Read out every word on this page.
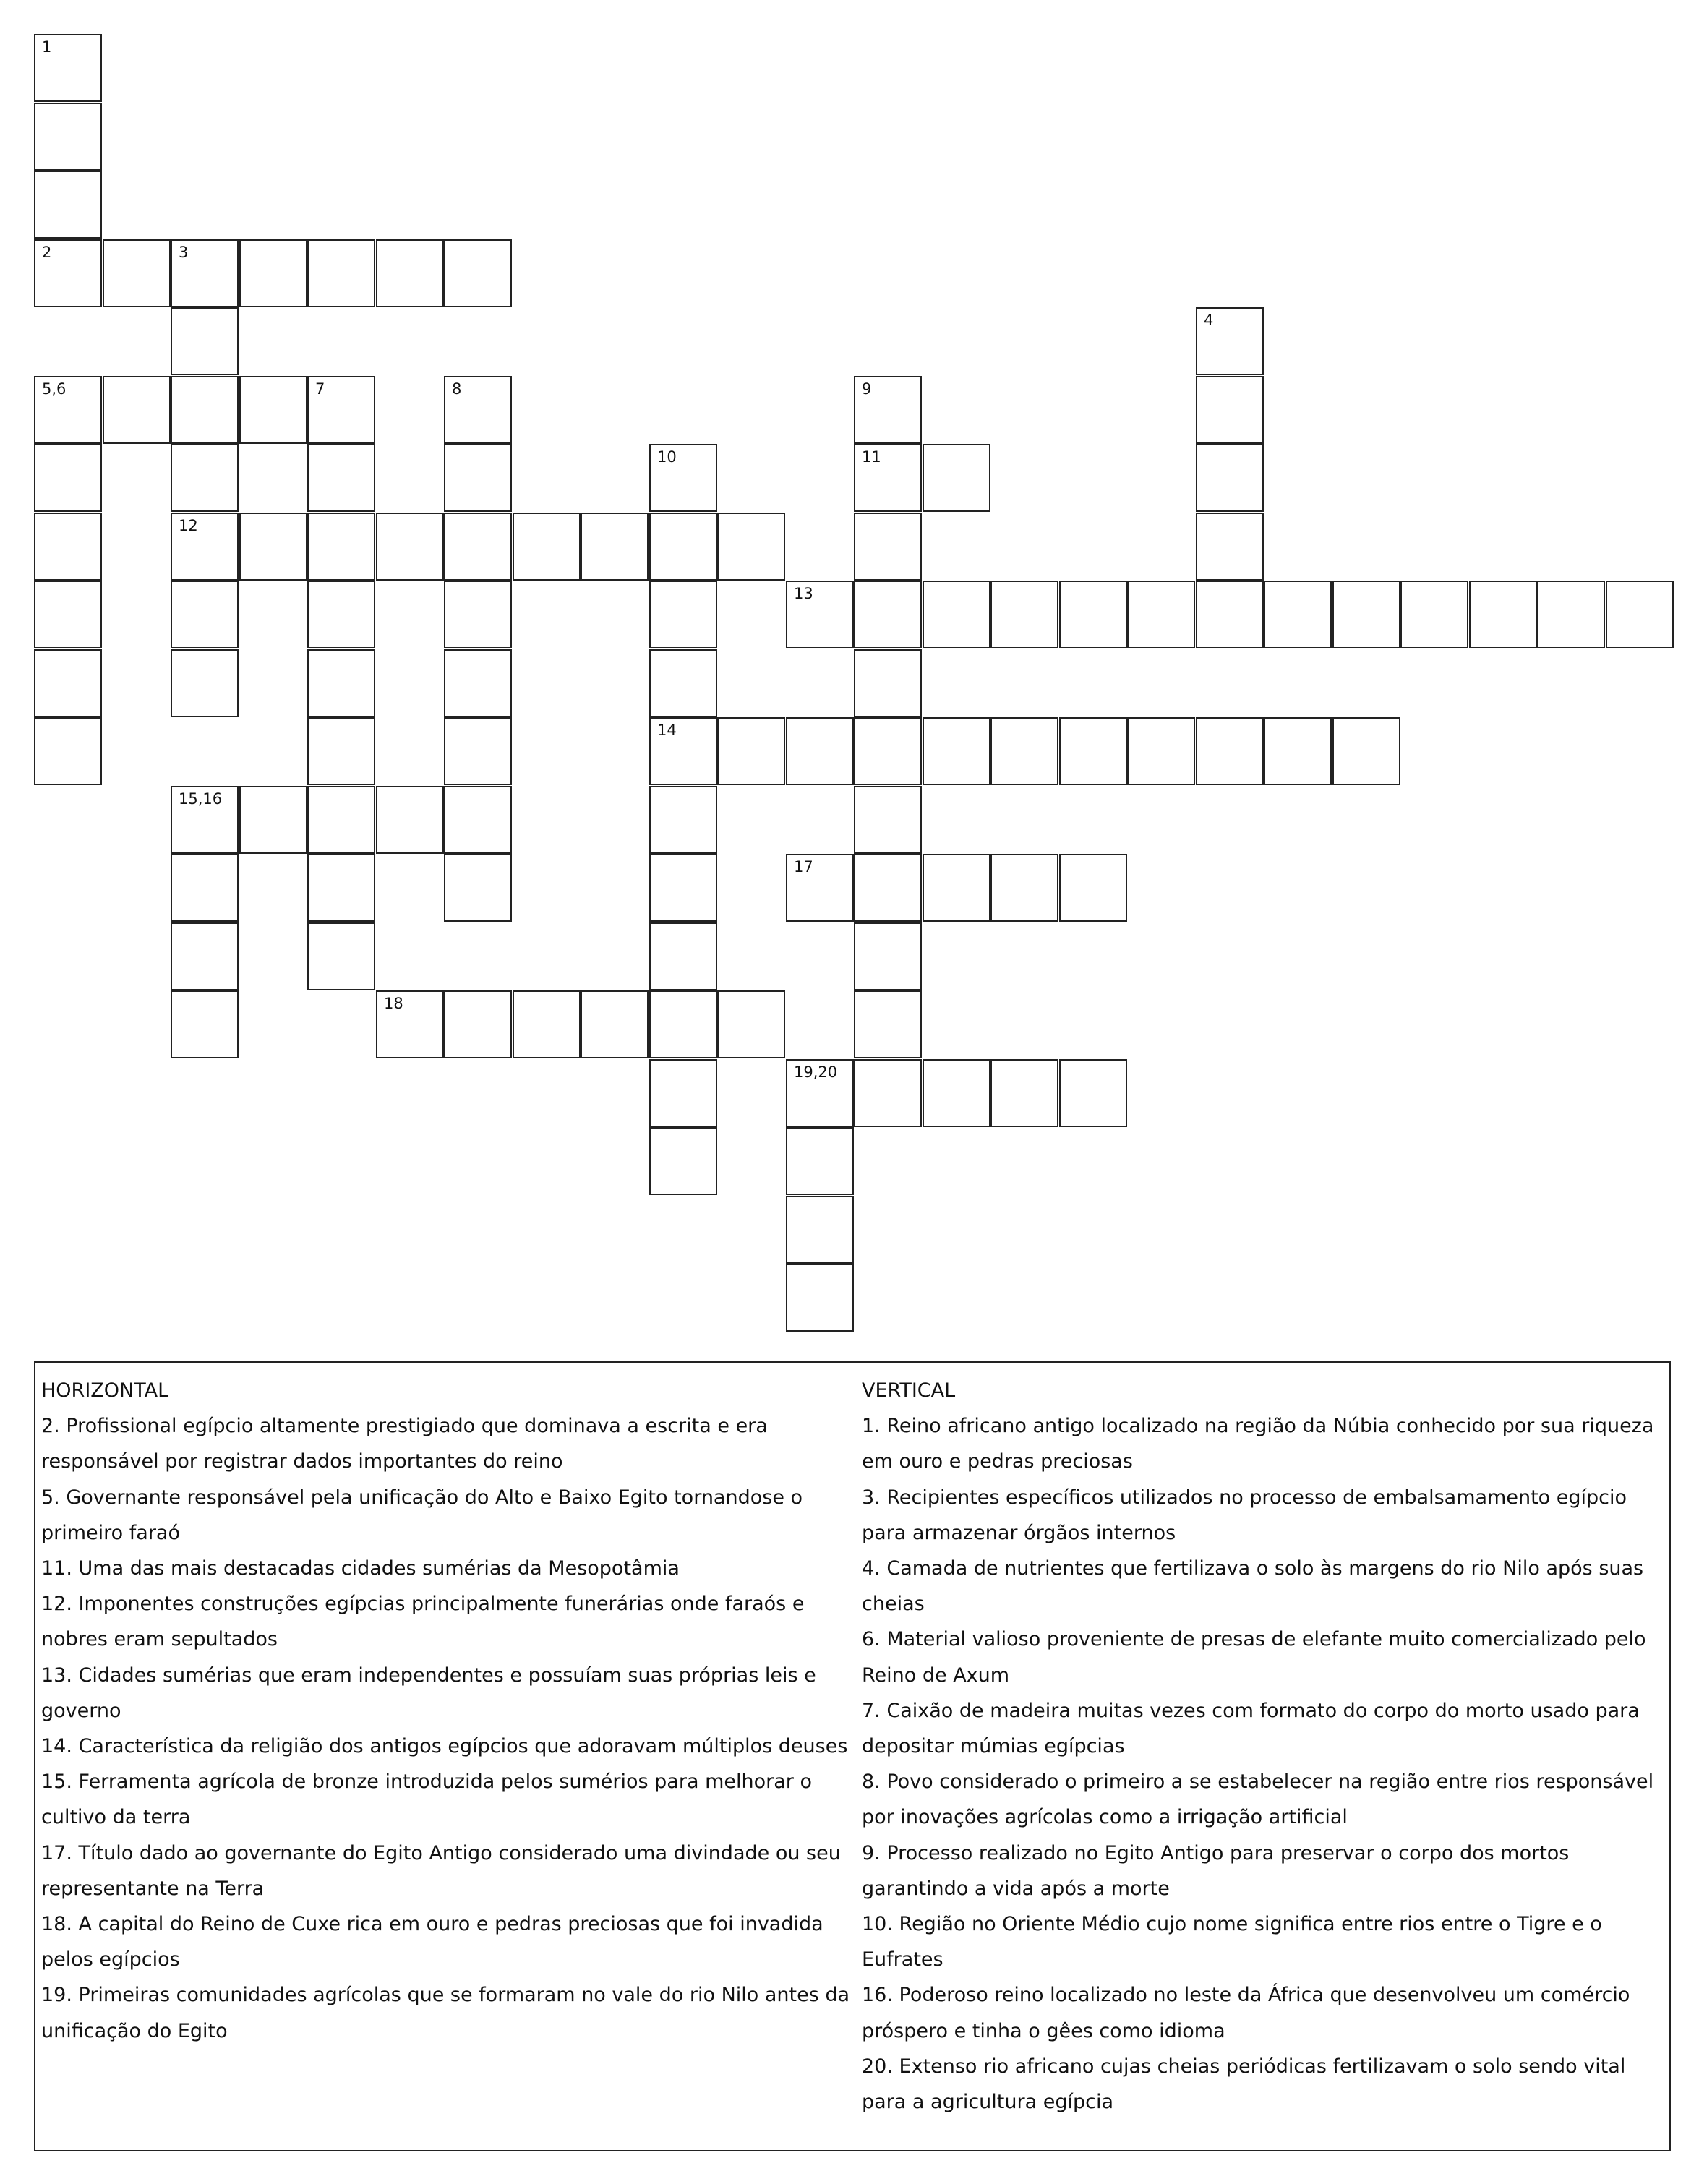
1
2	3
5,6	7	8	9
4
12
10	11
13
14
15,16
17
18
19,20
HORIZONTAL
2. Profissional egípcio altamente prestigiado que dominava a escrita e era responsável por registrar dados importantes do reino
5. Governante responsável pela unificação do Alto e Baixo Egito tornandose o primeiro faraó
11. Uma das mais destacadas cidades sumérias da Mesopotâmia
12. Imponentes construções egípcias principalmente funerárias onde faraós e nobres eram sepultados
13. Cidades sumérias que eram independentes e possuíam suas próprias leis e governo
14. Característica da religião dos antigos egípcios que adoravam múltiplos deuses
15. Ferramenta agrícola de bronze introduzida pelos sumérios para melhorar o cultivo da terra
17. Título dado ao governante do Egito Antigo considerado uma divindade ou seu representante na Terra
18. A capital do Reino de Cuxe rica em ouro e pedras preciosas que foi invadida pelos egípcios
19. Primeiras comunidades agrícolas que se formaram no vale do rio Nilo antes da unificação do Egito
VERTICAL
1. Reino africano antigo localizado na região da Núbia conhecido por sua riqueza em ouro e pedras preciosas
3. Recipientes específicos utilizados no processo de embalsamamento egípcio para armazenar órgãos internos
4. Camada de nutrientes que fertilizava o solo às margens do rio Nilo após suas cheias
6. Material valioso proveniente de presas de elefante muito comercializado pelo Reino de Axum
7. Caixão de madeira muitas vezes com formato do corpo do morto usado para depositar múmias egípcias
8. Povo considerado o primeiro a se estabelecer na região entre rios responsável por inovações agrícolas como a irrigação artificial
9. Processo realizado no Egito Antigo para preservar o corpo dos mortos garantindo a vida após a morte
10. Região no Oriente Médio cujo nome significa entre rios entre o Tigre e o Eufrates
16. Poderoso reino localizado no leste da África que desenvolveu um comércio próspero e tinha o gêes como idioma
20. Extenso rio africano cujas cheias periódicas fertilizavam o solo sendo vital para a agricultura egípcia
